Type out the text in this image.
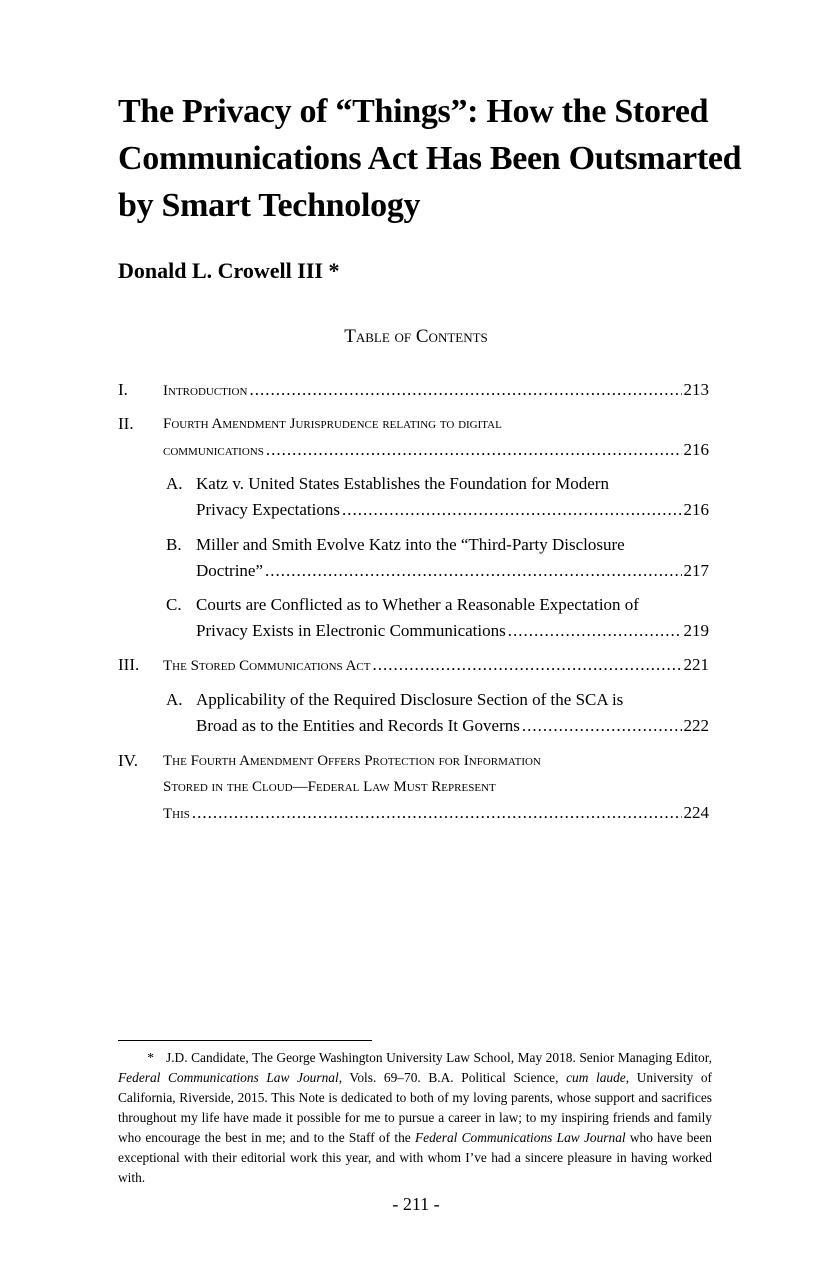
The Privacy of “Things”: How the Stored Communications Act Has Been Outsmarted by Smart Technology

Donald L. Crowell III *

Table of Contents

I. Introduction .....	213
II. Fourth Amendment Jurisprudence relating to digital
communications .....	216
A. Katz v. United States Establishes the Foundation for Modern
Privacy Expectations .....	216
B. Miller and Smith Evolve Katz into the “Third-Party Disclosure
Doctrine” .....	217
C. Courts are Conflicted as to Whether a Reasonable Expectation of
Privacy Exists in Electronic Communications .....	219
III. The Stored Communications Act .....	221
A. Applicability of the Required Disclosure Section of the SCA is
Broad as to the Entities and Records It Governs .....	222
IV. The Fourth Amendment Offers Protection for Information
Stored in the Cloud—Federal Law Must Represent
This .....	224

* J.D. Candidate, The George Washington University Law School, May 2018. Senior Managing Editor, Federal Communications Law Journal, Vols. 69–70. B.A. Political Science, cum laude, University of California, Riverside, 2015. This Note is dedicated to both of my loving parents, whose support and sacrifices throughout my life have made it possible for me to pursue a career in law; to my inspiring friends and family who encourage the best in me; and to the Staff of the Federal Communications Law Journal who have been exceptional with their editorial work this year, and with whom I’ve had a sincere pleasure in having worked with.

- 211 -
